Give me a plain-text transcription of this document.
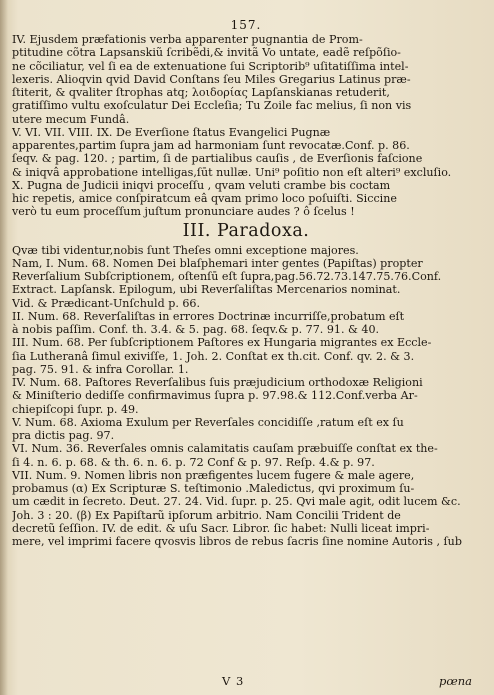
157.
IV. Ejusdem præfationis verba apparenter pugnantia de Prom-
ptitudine cõtra Lapsanskiũ ſcribẽdi,& invitã Vo untate, eadẽ reſpõſio-
ne cõciliatur, vel ſi ea de extenuatione ſui Scriptorib⁹ uſitatiſſima intel-
lexeris. Alioqvin qvid David Conſtans ſeu Miles Gregarius Latinus præ-
ſtiterit, & qvaliter ſtrophas atq; λοιδορίας Lapſanskianas retuderit,
gratiſſimo vultu exoſculatur Dei Eccleſia; Tu Zoile fac melius, ſi non vis
utere mecum Fundâ.
V. VI. VII. VIII. IX. De Everſione ſtatus Evangelici Pugnæ
apparentes,partim ſupra jam ad harmoniam ſunt revocatæ.Conf. p. 86.
ſeqv. & pag. 120. ; partim, ſi de partialibus cauſis , de Everſionis faſcione
& iniqvâ approbatione intelligas,ſūt nullæ. Uni⁹ poſitio non eſt alteri⁹ excluſio.
X. Pugna de Judicii iniqvi proceſſu , qvam veluti crambe bis coctam
hic repetis, amice conſpiratcum eâ qvam primo loco poſuiſti. Siccine
verò tu eum proceſſum juſtum pronunciare audes ? ô ſcelus !
III. Paradoxa.
Qvæ tibi videntur,nobis ſunt Theſes omni exceptione majores.
Nam, I. Num. 68. Nomen Dei blaſphemari inter gentes (Papiſtas) propter
Reverſalium Subſcriptionem, oſtenſū eſt ſupra,pag.56.72.73.147.75.76.Conf.
Extract. Lapſansk. Epilogum, ubi Reverſaliſtas Mercenarios nominat.
Vid. & Prædicant-Unſchuld p. 66.
II. Num. 68. Reverſaliſtas in errores Doctrinæ incurriſſe,probatum eſt
à nobis paſſim. Conf. th. 3.4. & 5. pag. 68. ſeqv.& p. 77. 91. & 40.
III. Num. 68. Per ſubſcriptionem Paſtores ex Hungaria migrantes ex Eccle-
ſia Lutheranâ ſimul exiviſſe, 1. Joh. 2. Conſtat ex th.cit. Conf. qv. 2. & 3.
pag. 75. 91. & infra Corollar. 1.
IV. Num. 68. Paſtores Reverſalibus ſuis præjudicium orthodoxæ Religioni
& Miniſterio dediſſe confirmavimus ſupra p. 97.98.& 112.Conf.verba Ar-
chiepiſcopi ſupr. p. 49.
V. Num. 68. Axioma Exulum per Reverſales concidiſſe ,ratum eſt ex ſu
pra dictis pag. 97.
VI. Num. 36. Reverſales omnis calamitatis cauſam præbuiſſe conſtat ex the-
ſi 4. n. 6. p. 68. & th. 6. n. 6. p. 72 Conf & p. 97. Reſp. 4.& p. 97.
VII. Num. 9. Nomen libris non præfigentes lucem fugere & male agere,
probamus (α) Ex Scripturæ S. teſtimonio .Maledictus, qvi proximum ſu-
um cædit in ſecreto. Deut. 27. 24. Vid. ſupr. p. 25. Qvi male agit, odit lucem &c.
Joh. 3 : 20. (β) Ex Papiſtarũ ipſorum arbitrio. Nam Concilii Trident de
decretũ ſeſſion. IV. de edit. & uſu Sacr. Libror. ſic habet: Nulli liceat impri-
mere, vel imprimi facere qvosvis libros de rebus ſacris ſine nomine Autoris , ſub
V 3	pœna
